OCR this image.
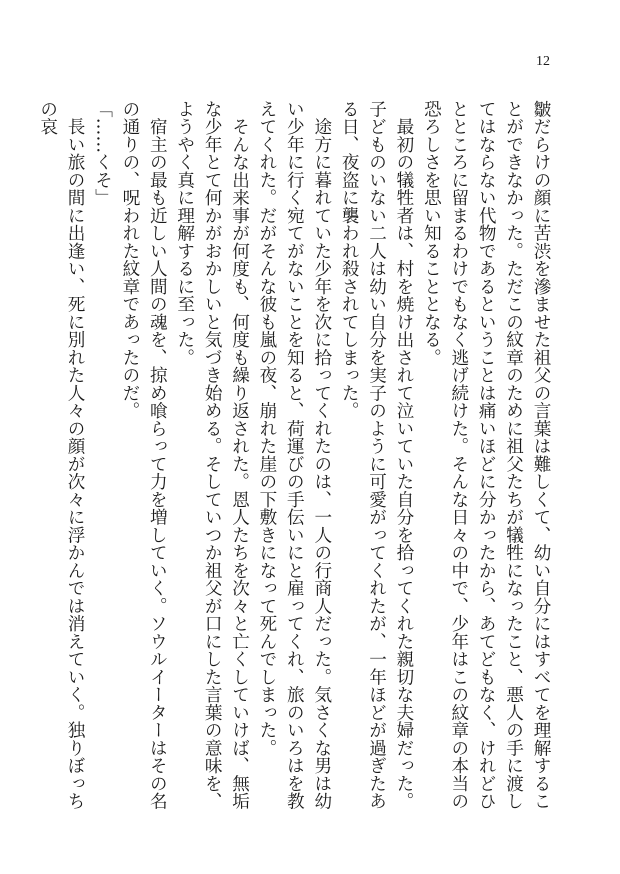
12

皺だらけの顔に苦渋を滲ませた祖父の言葉は難しくて、幼い自分にはすべてを理解することができなかった。ただこの紋章のために祖父たちが犠牲になったこと、悪人の手に渡してはならない代物であるということは痛いほどに分かったから、あてどもなく、けれどひとところに留まるわけでもなく逃げ続けた。そんな日々の中で、少年はこの紋章の本当の恐ろしさを思い知ることとなる。

　最初の犠牲者は、村を焼け出されて泣いていた自分を拾ってくれた親切な夫婦だった。子どものいない二人は幼い自分を実子のように可愛がってくれたが、一年ほどが過ぎたある日、夜盗に襲われ殺されてしまった。

　途方に暮れていた少年を次に拾ってくれたのは、一人の行商人だった。気さくな男は幼い少年に行く宛てがないことを知ると、荷運びの手伝いにと雇ってくれ、旅のいろはを教えてくれた。だがそんな彼も嵐の夜、崩れた崖の下敷きになって死んでしまった。

　そんな出来事が何度も、何度も繰り返された。恩人たちを次々と亡くしていけば、無垢な少年とて何かがおかしいと気づき始める。そしていつか祖父が口にした言葉の意味を、ようやく真に理解するに至った。

　宿主の最も近しい人間の魂を、掠め喰らって力を増していく。ソウルイーターはその名の通りの、呪われた紋章であったのだ。

「……くそ」

　長い旅の間に出逢い、死に別れた人々の顔が次々に浮かんでは消えていく。独りぼっちの哀
